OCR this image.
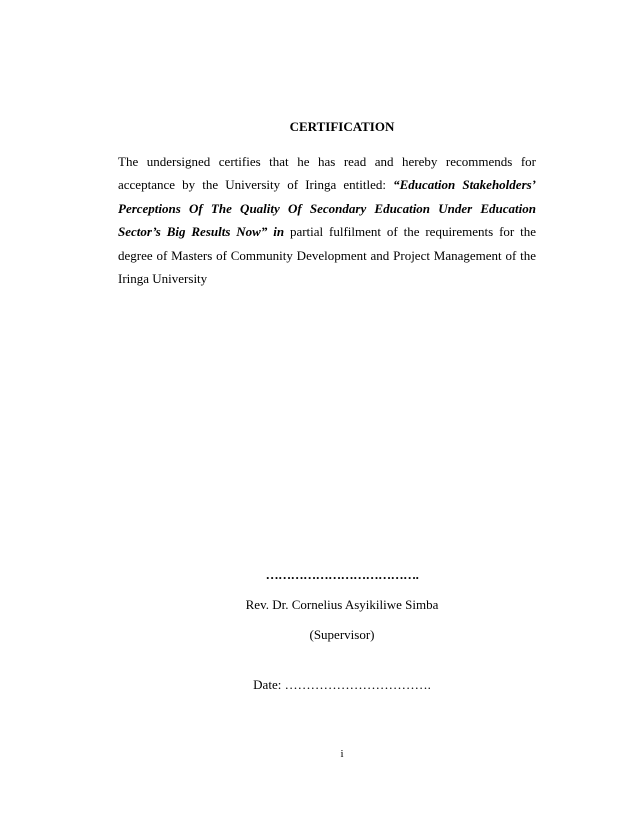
CERTIFICATION

The undersigned certifies that he has read and hereby recommends for acceptance by the University of Iringa entitled: “Education Stakeholders’ Perceptions Of The Quality Of Secondary Education Under Education Sector’s Big Results Now” in partial fulfilment of the requirements for the degree of Masters of Community Development and Project Management of the Iringa University

……………………………….
Rev. Dr. Cornelius Asyikiliwe Simba
(Supervisor)
Date: …………………………….
i
